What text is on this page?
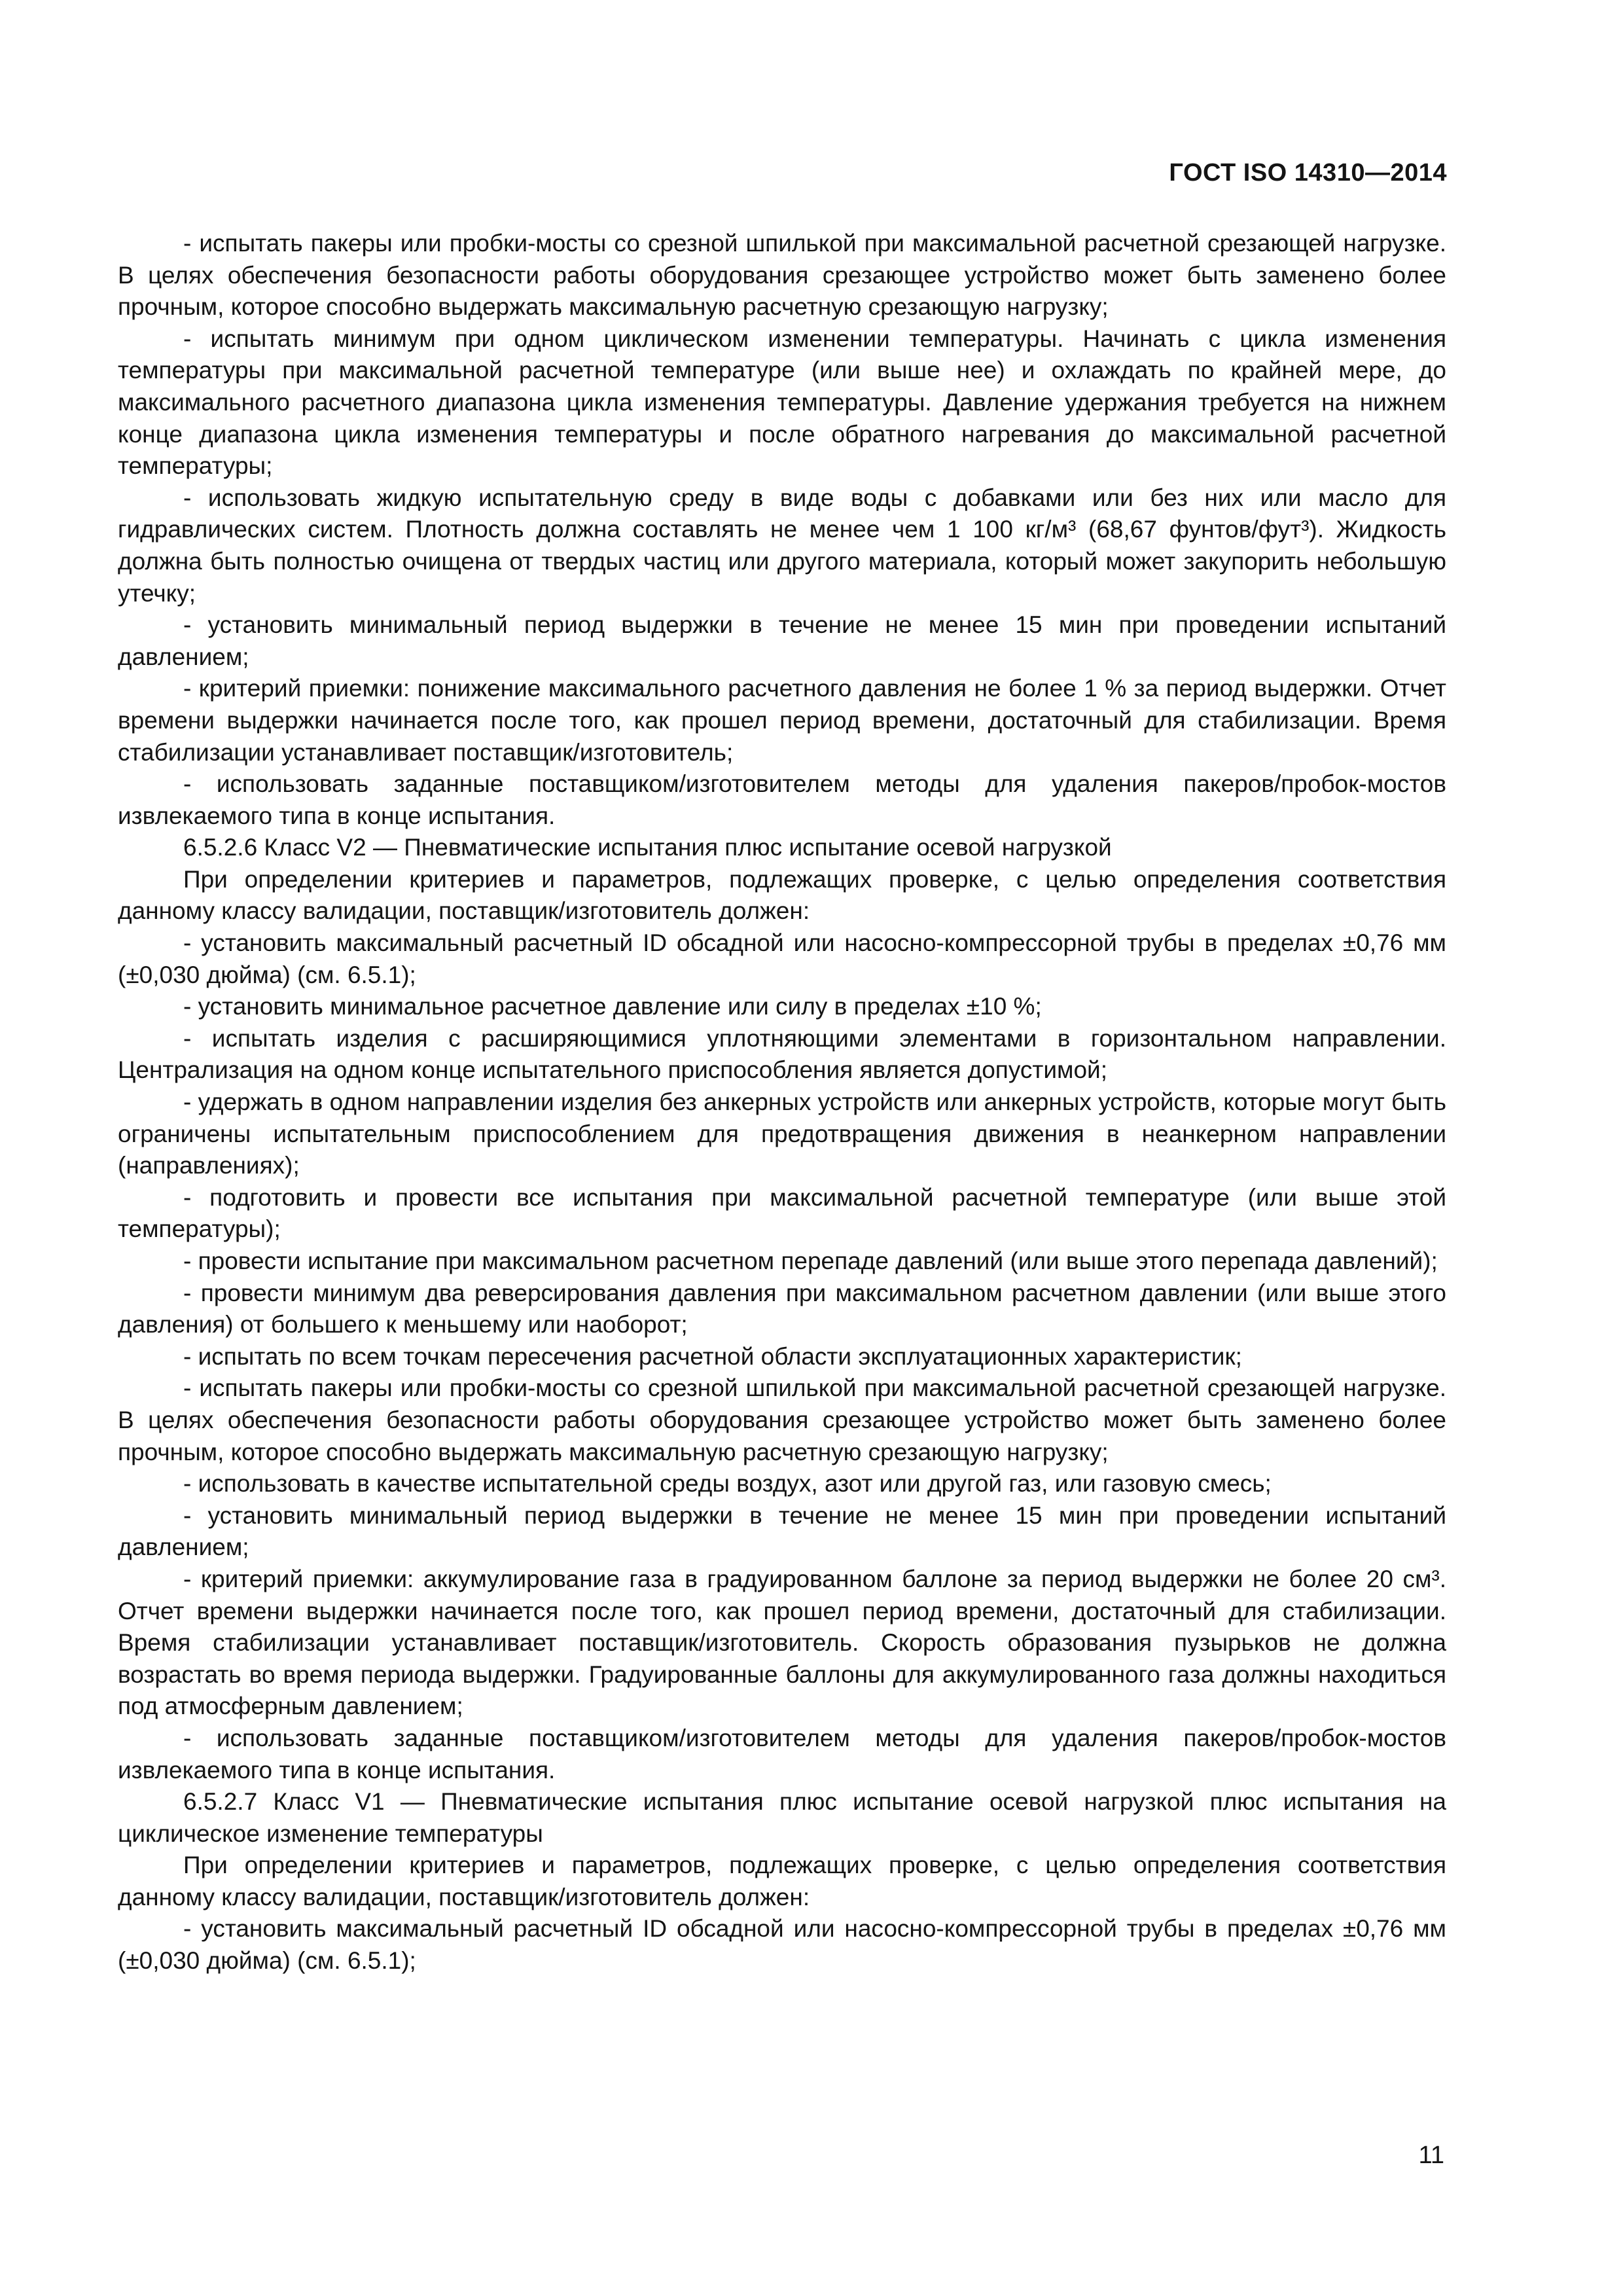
ГОСТ ISO 14310—2014

- испытать пакеры или пробки-мосты со срезной шпилькой при максимальной расчетной срезающей нагрузке. В целях обеспечения безопасности работы оборудования срезающее устройство может быть заменено более прочным, которое способно выдержать максимальную расчетную срезающую нагрузку;

- испытать минимум при одном циклическом изменении температуры. Начинать с цикла изменения температуры при максимальной расчетной температуре (или выше нее) и охлаждать по крайней мере, до максимального расчетного диапазона цикла изменения температуры. Давление удержания требуется на нижнем конце диапазона цикла изменения температуры и после обратного нагревания до максимальной расчетной температуры;

- использовать жидкую испытательную среду в виде воды с добавками или без них или масло для гидравлических систем. Плотность должна составлять не менее чем 1 100 кг/м³ (68,67 фунтов/фут³). Жидкость должна быть полностью очищена от твердых частиц или другого материала, который может закупорить небольшую утечку;

- установить минимальный период выдержки в течение не менее 15 мин при проведении испытаний давлением;

- критерий приемки: понижение максимального расчетного давления не более 1 % за период выдержки. Отчет времени выдержки начинается после того, как прошел период времени, достаточный для стабилизации. Время стабилизации устанавливает поставщик/изготовитель;

- использовать заданные поставщиком/изготовителем методы для удаления пакеров/пробок-мостов извлекаемого типа в конце испытания.

6.5.2.6 Класс V2 — Пневматические испытания плюс испытание осевой нагрузкой

При определении критериев и параметров, подлежащих проверке, с целью определения соответствия данному классу валидации, поставщик/изготовитель должен:

- установить максимальный расчетный ID обсадной или насосно-компрессорной трубы в пределах ±0,76 мм (±0,030 дюйма) (см. 6.5.1);

- установить минимальное расчетное давление или силу в пределах ±10 %;

- испытать изделия с расширяющимися уплотняющими элементами в горизонтальном направлении. Централизация на одном конце испытательного приспособления является допустимой;

- удержать в одном направлении изделия без анкерных устройств или анкерных устройств, которые могут быть ограничены испытательным приспособлением для предотвращения движения в неанкерном направлении (направлениях);

- подготовить и провести все испытания при максимальной расчетной температуре (или выше этой температуры);

- провести испытание при максимальном расчетном перепаде давлений (или выше этого перепада давлений);

- провести минимум два реверсирования давления при максимальном расчетном давлении (или выше этого давления) от большего к меньшему или наоборот;

- испытать по всем точкам пересечения расчетной области эксплуатационных характеристик;

- испытать пакеры или пробки-мосты со срезной шпилькой при максимальной расчетной срезающей нагрузке. В целях обеспечения безопасности работы оборудования срезающее устройство может быть заменено более прочным, которое способно выдержать максимальную расчетную срезающую нагрузку;

- использовать в качестве испытательной среды воздух, азот или другой газ, или газовую смесь;

- установить минимальный период выдержки в течение не менее 15 мин при проведении испытаний давлением;

- критерий приемки: аккумулирование газа в градуированном баллоне за период выдержки не более 20 см³. Отчет времени выдержки начинается после того, как прошел период времени, достаточный для стабилизации. Время стабилизации устанавливает поставщик/изготовитель. Скорость образования пузырьков не должна возрастать во время периода выдержки. Градуированные баллоны для аккумулированного газа должны находиться под атмосферным давлением;

- использовать заданные поставщиком/изготовителем методы для удаления пакеров/пробок-мостов извлекаемого типа в конце испытания.

6.5.2.7 Класс V1 — Пневматические испытания плюс испытание осевой нагрузкой плюс испытания на циклическое изменение температуры

При определении критериев и параметров, подлежащих проверке, с целью определения соответствия данному классу валидации, поставщик/изготовитель должен:

- установить максимальный расчетный ID обсадной или насосно-компрессорной трубы в пределах ±0,76 мм (±0,030 дюйма) (см. 6.5.1);

11
